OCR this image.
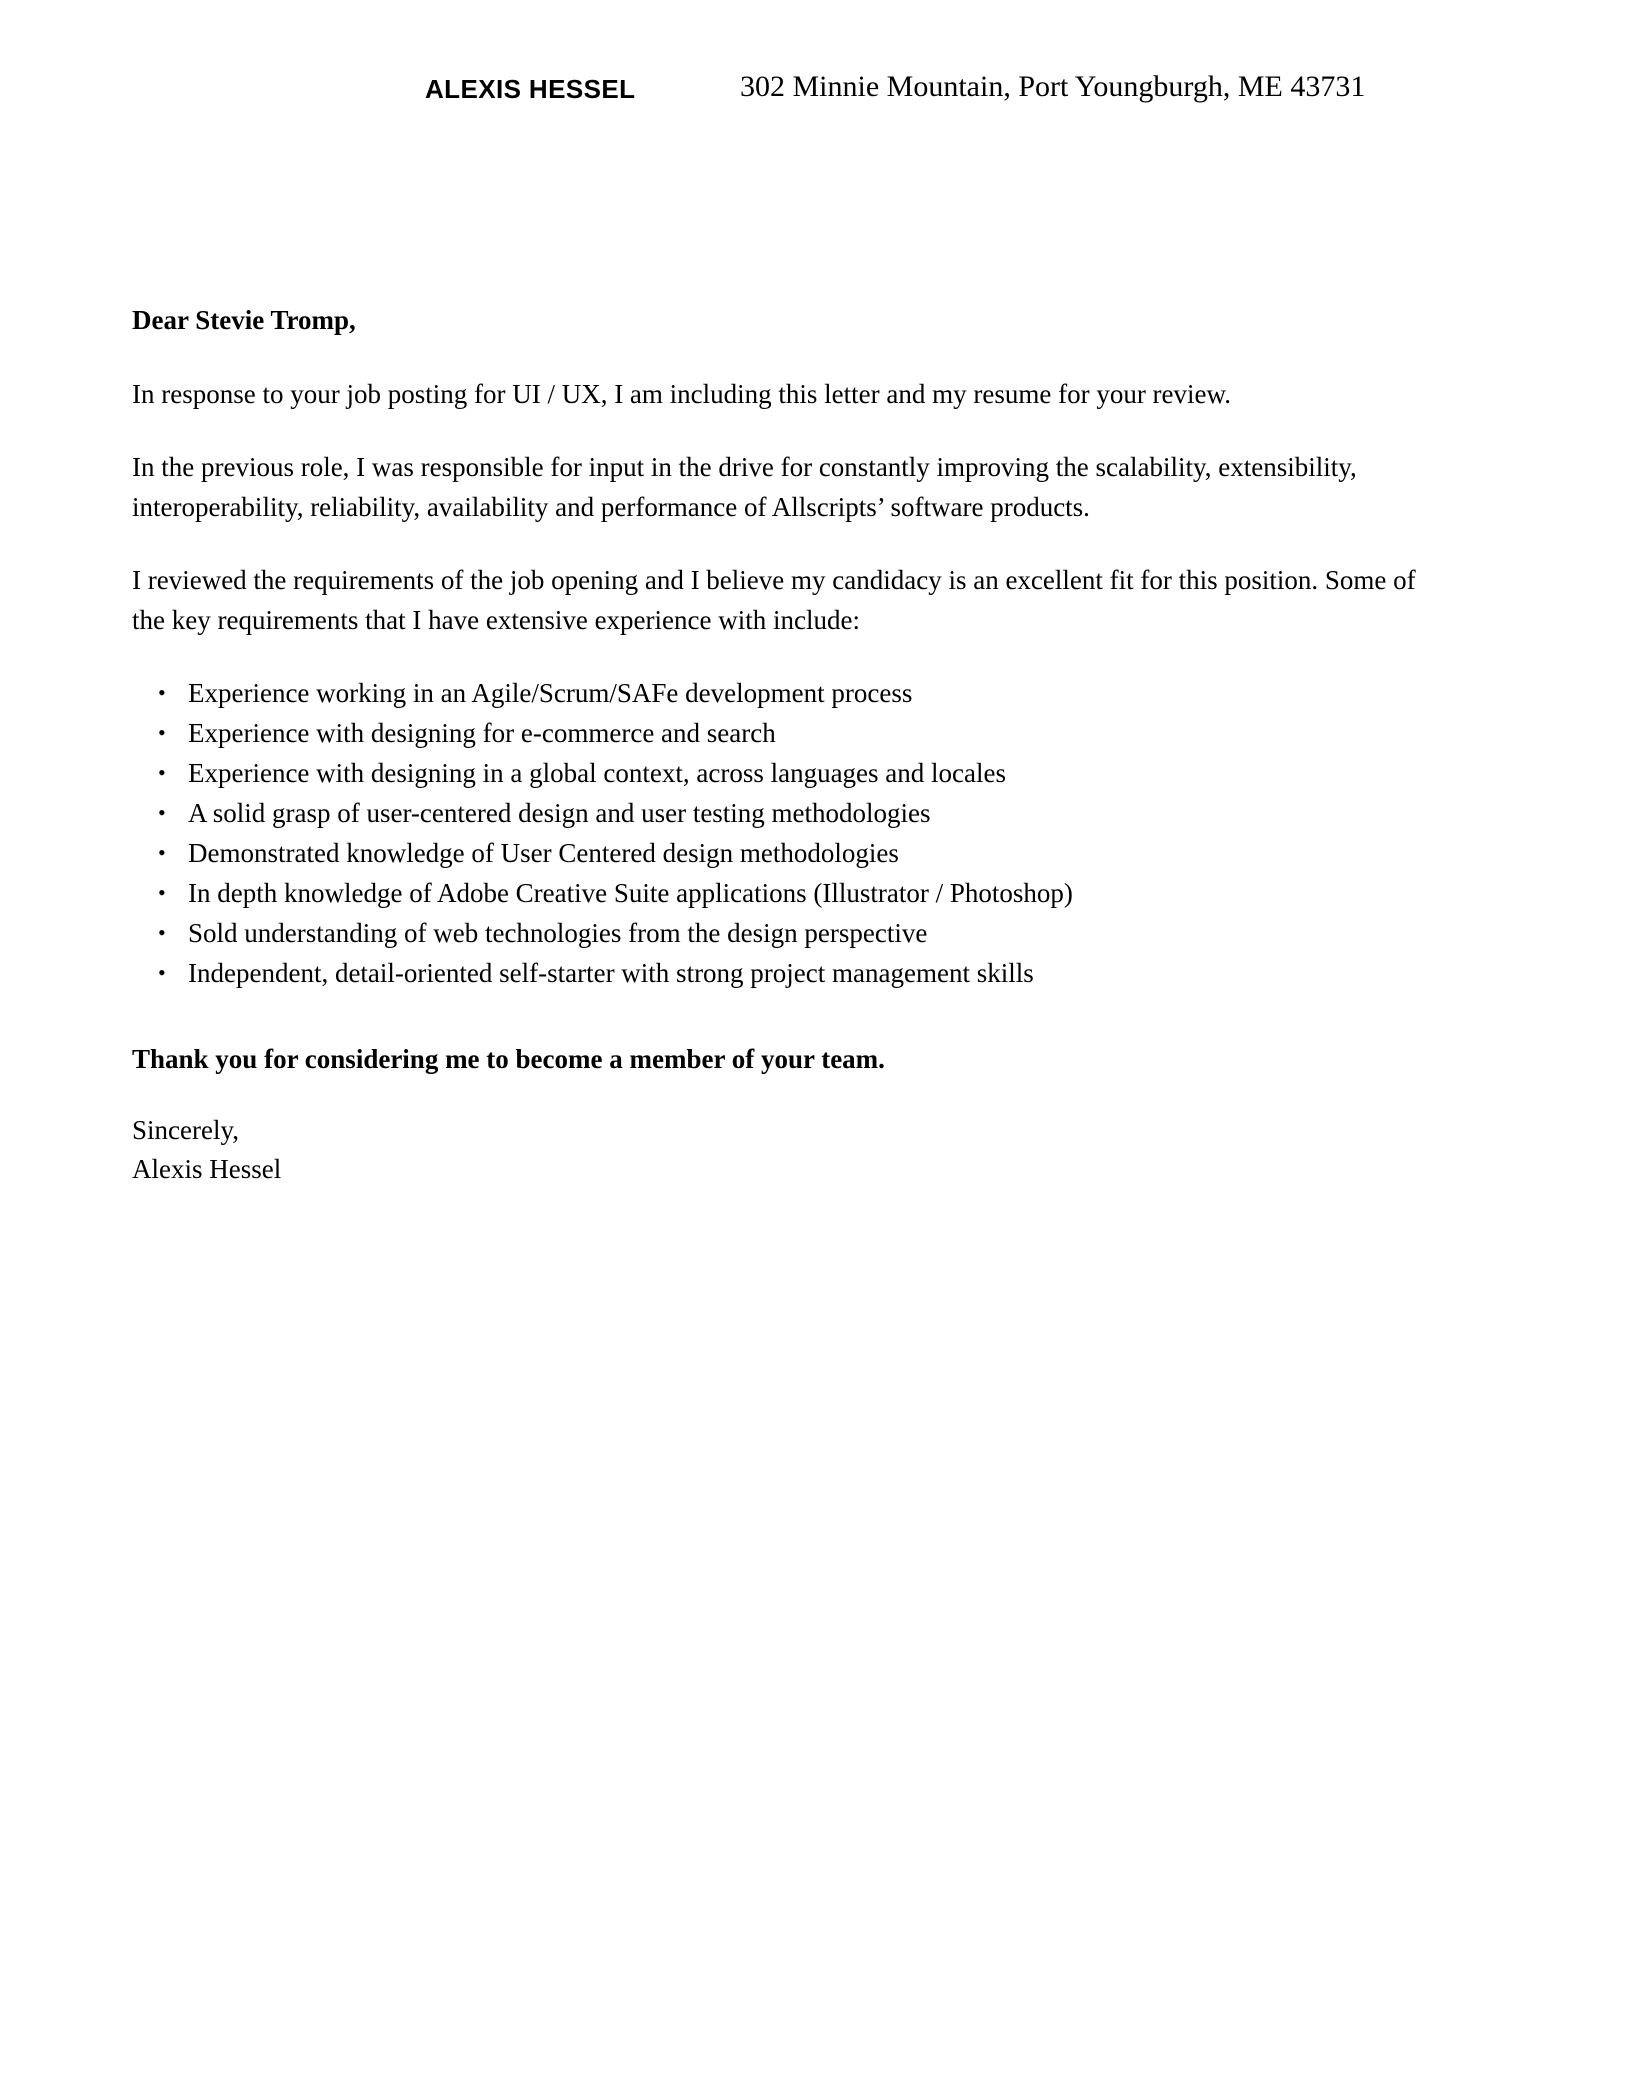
ALEXIS HESSEL	302 Minnie Mountain, Port Youngburgh, ME 43731

Dear Stevie Tromp,

In response to your job posting for UI / UX, I am including this letter and my resume for your review.

In the previous role, I was responsible for input in the drive for constantly improving the scalability, extensibility, interoperability, reliability, availability and performance of Allscripts’ software products.

I reviewed the requirements of the job opening and I believe my candidacy is an excellent fit for this position. Some of the key requirements that I have extensive experience with include:

• Experience working in an Agile/Scrum/SAFe development process
• Experience with designing for e-commerce and search
• Experience with designing in a global context, across languages and locales
• A solid grasp of user-centered design and user testing methodologies
• Demonstrated knowledge of User Centered design methodologies
• In depth knowledge of Adobe Creative Suite applications (Illustrator / Photoshop)
• Sold understanding of web technologies from the design perspective
• Independent, detail-oriented self-starter with strong project management skills

Thank you for considering me to become a member of your team.

Sincerely,
Alexis Hessel
